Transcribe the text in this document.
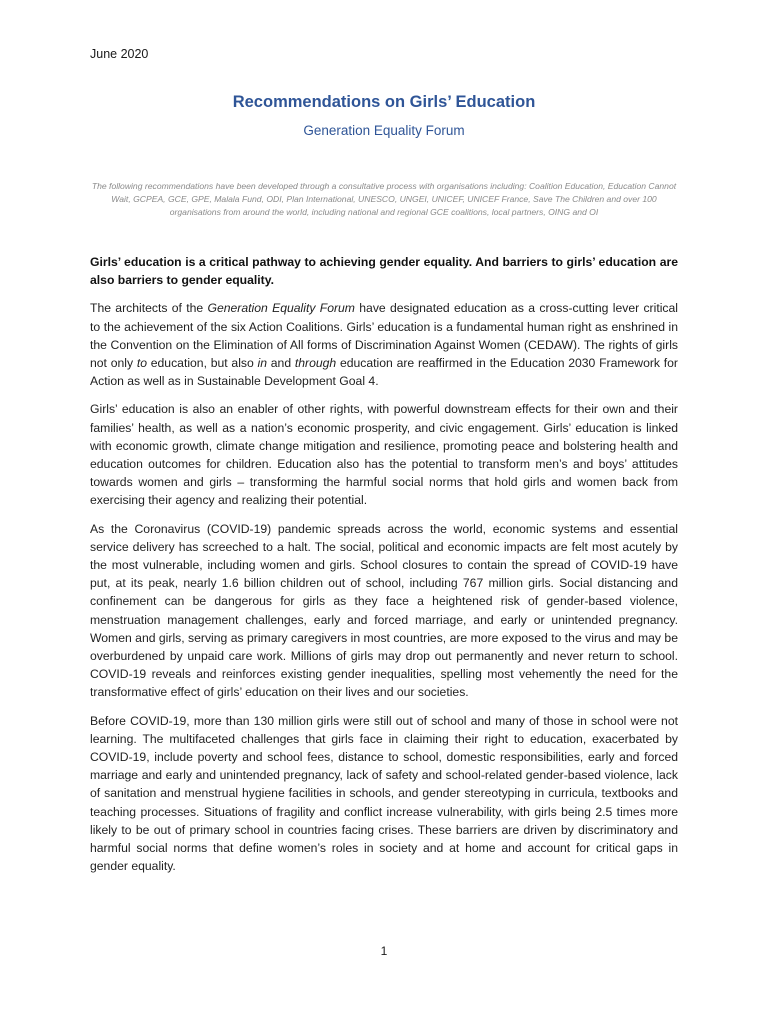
June 2020
Recommendations on Girls’ Education
Generation Equality Forum
The following recommendations have been developed through a consultative process with organisations including: Coalition Education, Education Cannot Wait, GCPEA, GCE, GPE, Malala Fund, ODI, Plan International, UNESCO, UNGEI, UNICEF, UNICEF France, Save The Children and over 100 organisations from around the world, including national and regional GCE coalitions, local partners, OING and OI

Girls’ education is a critical pathway to achieving gender equality. And barriers to girls’ education are also barriers to gender equality.

The architects of the Generation Equality Forum have designated education as a cross-cutting lever critical to the achievement of the six Action Coalitions. Girls’ education is a fundamental human right as enshrined in the Convention on the Elimination of All forms of Discrimination Against Women (CEDAW). The rights of girls not only to education, but also in and through education are reaffirmed in the Education 2030 Framework for Action as well as in Sustainable Development Goal 4.

Girls’ education is also an enabler of other rights, with powerful downstream effects for their own and their families’ health, as well as a nation’s economic prosperity, and civic engagement. Girls’ education is linked with economic growth, climate change mitigation and resilience, promoting peace and bolstering health and education outcomes for children. Education also has the potential to transform men’s and boys’ attitudes towards women and girls – transforming the harmful social norms that hold girls and women back from exercising their agency and realizing their potential.

As the Coronavirus (COVID-19) pandemic spreads across the world, economic systems and essential service delivery has screeched to a halt. The social, political and economic impacts are felt most acutely by the most vulnerable, including women and girls. School closures to contain the spread of COVID-19 have put, at its peak, nearly 1.6 billion children out of school, including 767 million girls. Social distancing and confinement can be dangerous for girls as they face a heightened risk of gender-based violence, menstruation management challenges, early and forced marriage, and early or unintended pregnancy. Women and girls, serving as primary caregivers in most countries, are more exposed to the virus and may be overburdened by unpaid care work. Millions of girls may drop out permanently and never return to school. COVID-19 reveals and reinforces existing gender inequalities, spelling most vehemently the need for the transformative effect of girls’ education on their lives and our societies.

Before COVID-19, more than 130 million girls were still out of school and many of those in school were not learning. The multifaceted challenges that girls face in claiming their right to education, exacerbated by COVID-19, include poverty and school fees, distance to school, domestic responsibilities, early and forced marriage and early and unintended pregnancy, lack of safety and school-related gender-based violence, lack of sanitation and menstrual hygiene facilities in schools, and gender stereotyping in curricula, textbooks and teaching processes. Situations of fragility and conflict increase vulnerability, with girls being 2.5 times more likely to be out of primary school in countries facing crises. These barriers are driven by discriminatory and harmful social norms that define women’s roles in society and at home and account for critical gaps in gender equality.

1
